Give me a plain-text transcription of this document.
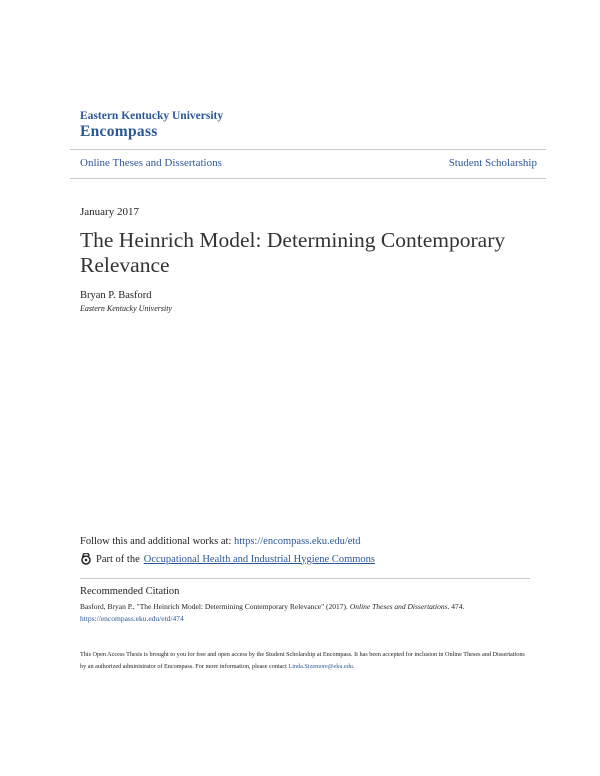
Eastern Kentucky University
Encompass
Online Theses and Dissertations	Student Scholarship
January 2017
The Heinrich Model: Determining Contemporary Relevance
Bryan P. Basford
Eastern Kentucky University
Follow this and additional works at: https://encompass.eku.edu/etd
Part of the Occupational Health and Industrial Hygiene Commons
Recommended Citation
Basford, Bryan P., "The Heinrich Model: Determining Contemporary Relevance" (2017). Online Theses and Dissertations. 474.
https://encompass.eku.edu/etd/474
This Open Access Thesis is brought to you for free and open access by the Student Scholarship at Encompass. It has been accepted for inclusion in Online Theses and Dissertations by an authorized administrator of Encompass. For more information, please contact Linda.Sizemore@eku.edu.
